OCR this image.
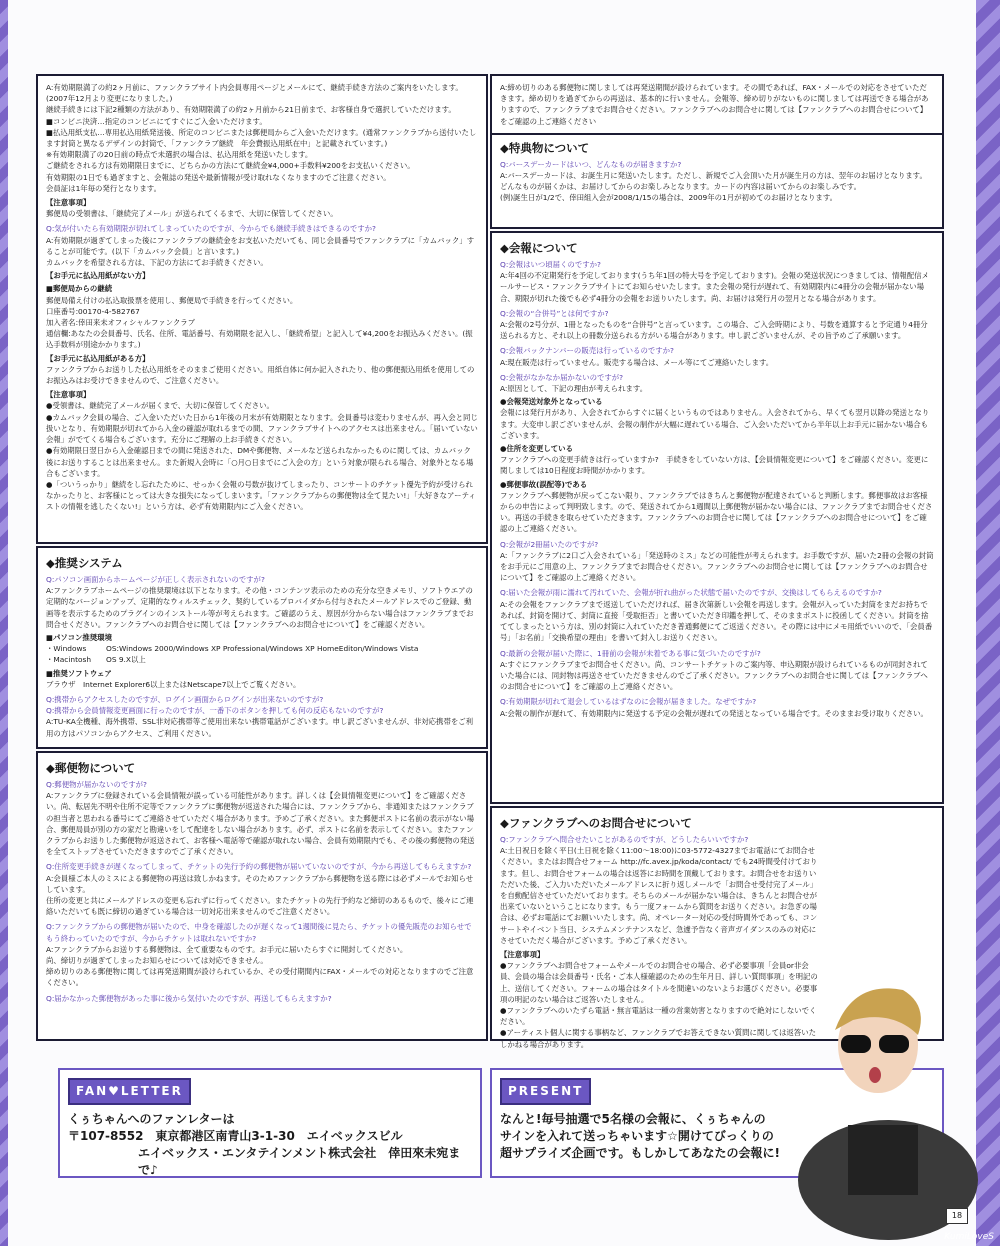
A:有効期限満了の約2ヶ月前に、ファンクラブサイト内会員専用ページとメールにて、継続手続き方法のご案内をいたします。

(2007年12月より変更になりました。)

継続手続きには下記2種類の方法があり、有効期限満了の約2ヶ月前から21日前まで、お客様自身で選択していただけます。

■コンビニ決済…指定のコンビニにてすぐにご入金いただけます。

■払込用紙支払…専用払込用紙発送後、所定のコンビニまたは郵便局からご入金いただけます。(通常ファンクラブから送付いたします封筒と異なるデザインの封筒で、「ファンクラブ継続　年会費振込用紙在中」と記載されています。)

※有効期限満了の20日前の時点で未選択の場合は、払込用紙を発送いたします。

ご継続をされる方は有効期限日までに、どちらかの方法にて継続金¥4,000+手数料¥200をお支払いください。

有効期限の1日でも過ぎますと、会報誌の発送や最新情報が受け取れなくなりますのでご注意ください。

会員証は1年毎の発行となります。

【注意事項】

郵便局の受領書は、「継続完了メール」が送られてくるまで、大切に保管してください。

Q:気が付いたら有効期限が切れてしまっていたのですが、今からでも継続手続きはできるのですか?

A:有効期限が過ぎてしまった後にファンクラブの継続金をお支払いただいても、同じ会員番号でファンクラブに「カムバック」することが可能です。(以下「カムバック会員」と言います。)

カムバックを希望される方は、下記の方法にてお手続きください。

【お手元に払込用紙がない方】

■郵便局からの継続

郵便局備え付けの払込取扱票を使用し、郵便局で手続きを行ってください。

口座番号:00170-4-582767

加入者名:倖田来未オフィシャルファンクラブ

通信欄:あなたの会員番号、氏名、住所、電話番号、有効期限を記入し、「継続希望」と記入して¥4,200をお振込みください。(振込手数料が別途かかります。)

【お手元に払込用紙がある方】

ファンクラブからお送りした払込用紙をそのままご使用ください。用紙自体に何か記入されたり、他の郵便振込用紙を使用してのお振込みはお受けできませんので、ご注意ください。

【注意事項】

●受領書は、継続完了メールが届くまで、大切に保管してください。

●カムバック会員の場合、ご入金いただいた日から1年後の月末が有効期限となります。会員番号は変わりませんが、再入会と同じ扱いとなり、有効期限が切れてから入金の確認が取れるまでの間、ファンクラブサイトへのアクセスは出来ません。「届いていない会報」がでてくる場合もございます。充分にご理解の上お手続きください。

●有効期限日翌日から入金確認日までの間に発送された、DMや郵便物、メールなど送られなかったものに関しては、カムバック後にお送りすることは出来ません。また新規入会時に「○月○日までにご入会の方」という対象が限られる場合、対象外となる場合もございます。

●「ついうっかり」継続をし忘れたために、せっかく会報の号数が抜けてしまったり、コンサートのチケット優先予約が受けられなかったりと、お客様にとっては大きな損失になってしまいます。「ファンクラブからの郵便物は全て見たい!」「大好きなアーティストの情報を逃したくない!」という方は、必ず有効期限内にご入金ください。

◆推奨システム

Q:パソコン画面からホームページが正しく表示されないのですが?

A:ファンクラブホームページの推奨環境は以下となります。その他・コンテンツ表示のための充分な空きメモリ、ソフトウエアの定期的なバージョンアップ、定期的なウィルスチェック、契約しているプロバイダから付与されたメールアドレスでのご登録、動画等を表示するためのプラグインのインストール等が考えられます。ご確認のうえ、原因が分からない場合はファンクラブまでお問合せください。ファンクラブへのお問合せに関しては【ファンクラブへのお問合せについて】をご確認ください。

■パソコン推奨環境

・Windows	OS:Windows 2000/Windows XP Professional/Windows XP HomeEditon/Windows Vista

・Macintosh OS 9.X以上

■推奨ソフトウェア

ブラウザ　Internet Explorer6以上またはNetscape7以上でご覧ください。

Q:携帯からアクセスしたのですが、ログイン画面からログインが出来ないのですが?

Q:携帯から会員情報変更画面に行ったのですが、一番下のボタンを押しても何の反応もないのですが?

A:TU-KA全機種、海外携帯、SSL非対応携帯等ご使用出来ない携帯電話がございます。申し訳ございませんが、非対応携帯をご利用の方はパソコンからアクセス、ご利用ください。

◆郵便物について

Q:郵便物が届かないのですが?

A:ファンクラブに登録されている会員情報が誤っている可能性があります。詳しくは【会員情報変更について】をご確認ください。尚、転居先不明や住所不定等でファンクラブに郵便物が返送された場合には、ファンクラブから、非通知またはファンクラブの担当者と思われる番号にてご連絡させていただく場合があります。予めご了承ください。また郵便ポストに名前の表示がない場合、郵便局員が別の方の家だと勘違いをして配達をしない場合があります。必ず、ポストに名前を表示してください。またファンクラブからお送りした郵便物が返送されて、お客様へ電話等で確認が取れない場合、会員有効期限内でも、その後の郵便物の発送を全てストップさせていただきますのでご了承ください。

Q:住所変更手続きが遅くなってしまって、チケットの先行予約の郵便物が届いていないのですが、今から再送してもらえますか?

A:会員様ご本人のミスによる郵便物の再送は致しかねます。そのためファンクラブから郵便物を送る際には必ずメールでお知らせしています。

住所の変更と共にメールアドレスの変更も忘れずに行ってください。またチケットの先行予約など締切のあるもので、後々にご連絡いただいても既に締切の過ぎている場合は一切対応出来ませんのでご注意ください。

Q:ファンクラブからの郵便物が届いたので、中身を確認したのが遅くなって1週間後に見たら、チケットの優先販売のお知らせでもう終わっていたのですが、今からチケットは取れないですか?

A:ファンクラブからお送りする郵便物は、全て重要なものです。お手元に届いたらすぐに開封してください。

尚、締切りが過ぎてしまったお知らせについては対応できません。

締め切りのある郵便物に関しては再発送期間が設けられているか、その受付期間内にFAX・メールでの対応となりますのでご注意ください。

Q:届かなかった郵便物があった事に後から気付いたのですが、再送してもらえますか?

A:締め切りのある郵便物に関しましては再発送期間が設けられています。その間であれば、FAX・メールでの対応をさせていただきます。締め切りを過ぎてからの再送は、基本的に行いません。会報等、締め切りがないものに関しましては再送できる場合がありますので、ファンクラブまでお問合せください。ファンクラブへのお問合せに関しては【ファンクラブへのお問合せについて】をご確認の上ご連絡ください

◆特典物について

Q:バースデーカードはいつ、どんなものが届きますか?

A:バースデーカードは、お誕生月に発送いたします。ただし、新規でご入会頂いた月が誕生月の方は、翌年のお届けとなります。どんなものが届くかは、お届けしてからのお楽しみとなります。カードの内容は届いてからのお楽しみです。

(例)誕生日が1/2で、倖田組入会が2008/1/15の場合は、2009年の1月が初めてのお届けとなります。

◆会報について

Q:会報はいつ頃届くのですか?

A:年4回の不定期発行を予定しております(うち年1回の特大号を予定しております)。会報の発送状況につきましては、情報配信メールサービス・ファンクラブサイトにてお知らせいたします。また会報の発行が遅れて、有効期限内に4冊分の会報が届かない場合、期限が切れた後でも必ず4冊分の会報をお送りいたします。尚、お届けは発行月の翌月となる場合があります。

Q:会報の“合併号”とは何ですか?

A:会報の2号分が、1冊となったものを“合併号”と言っています。この場合、ご入会時期により、号数を通算すると予定通り4冊分送られる方と、それ以上の冊数分送られる方がいる場合があります。申し訳ございませんが、その旨予めご了承願います。

Q:会報バックナンバーの販売は行っているのですか?

A:現在販売は行っていません。販売する場合は、メール等にてご連絡いたします。

Q:会報がなかなか届かないのですが?

A:原因として、下記の理由が考えられます。

●会報発送対象外となっている

会報には発行月があり、入会されてからすぐに届くというものではありません。入会されてから、早くても翌月以降の発送となります。大変申し訳ございませんが、会報の制作が大幅に遅れている場合、ご入会いただいてから半年以上お手元に届かない場合もございます。

●住所を変更している

ファンクラブへの変更手続きは行っていますか?　手続きをしていない方は、【会員情報変更について】をご確認ください。変更に関しましては10日程度お時間がかかります。

●郵便事故(誤配等)である

ファンクラブへ郵便物が戻ってこない限り、ファンクラブではきちんと郵便物が配達されていると判断します。郵便事故はお客様からの申告によって判明致します。ので、発送されてから1週間以上郵便物が届かない場合には、ファンクラブまでお問合せください。再送の手続きを取らせていただきます。ファンクラブへのお問合せに関しては【ファンクラブへのお問合せについて】をご確認の上ご連絡ください。

Q:会報が2冊届いたのですが?

A:「ファンクラブに2口ご入会されている」「発送時のミス」などの可能性が考えられます。お手数ですが、届いた2冊の会報の封筒をお手元にご用意の上、ファンクラブまでお問合せください。ファンクラブへのお問合せに関しては【ファンクラブへのお問合せについて】をご確認の上ご連絡ください。

Q:届いた会報が雨に濡れて汚れていた、会報が折れ曲がった状態で届いたのですが、交換はしてもらえるのですか?

A:その会報をファンクラブまで返送していただければ、届き次第新しい会報を再送します。会報が入っていた封筒をまだお持ちであれば、封筒を開けて、封筒に直接「受取拒否」と書いていただき印鑑を押して、そのままポストに投函してください。封筒を捨ててしまったという方は、別の封筒に入れていただき普通郵便にてご返送ください。その際には中にメモ用紙でいいので、「会員番号」「お名前」「交換希望の理由」を書いて封入しお送りください。

Q:最新の会報が届いた際に、1冊前の会報が未着である事に気づいたのですが?

A:すぐにファンクラブまでお問合せください。尚、コンサートチケットのご案内等、申込期限が設けられているものが同封されていた場合には、同封物は再送させていただきませんのでご了承ください。ファンクラブへのお問合せに関しては【ファンクラブへのお問合せについて】をご確認の上ご連絡ください。

Q:有効期限が切れて退会しているはずなのに会報が届きました。なぜですか?

A:会報の制作が遅れて、有効期限内に発送する予定の会報が遅れての発送となっている場合です。そのままお受け取りください。

◆ファンクラブへのお問合せについて

Q:ファンクラブへ問合せたいことがあるのですが、どうしたらいいですか?

A:土日祝日を除く平日(土日祝を除く11:00〜18:00)に03-5772-4327までお電話にてお問合せください。またはお問合せフォーム http://fc.avex.jp/koda/contact/ でも24時間受付けております。但し、お問合せフォームの場合は返答にお時間を頂戴しております。お問合せをお送りいただいた後、ご入力いただいたメールアドレスに折り返しメールで「お問合せ受付完了メール」を自動配信させていただいております。そちらのメールが届かない場合は、きちんとお問合せが出来ていないということになります。もう一度フォームから質問をお送りください。お急ぎの場合は、必ずお電話にてお願いいたします。尚、オペレーター対応の受付時間外であっても、コンサートやイベント当日、システムメンテナンスなど、急遽予告なく音声ガイダンスのみの対応にさせていただく場合がございます。予めご了承ください。

【注意事項】

●ファンクラブへお問合せフォームやメールでのお問合せの場合、必ず必要事項「会員or非会員、会員の場合は会員番号・氏名・ご本人様確認のための生年月日、詳しい質問事項」を明記の上、送信してください。フォームの場合はタイトルを間違いのないようお選びください。必要事項の明記のない場合はご返答いたしません。

●ファンクラブへのいたずら電話・無言電話は一種の営業妨害となりますので絶対にしないでください。

●アーティスト個人に関する事柄など、ファンクラブでお答えできない質問に関しては返答いたしかねる場合があります。

FAN♥LETTER

くぅちゃんへのファンレターは

〒107-8552　東京都港区南青山3-1-30　エイベックスビル

エイベックス・エンタテインメント株式会社　倖田來未宛まで♪

PRESENT

なんと!毎号抽選で5名様の会報に、くぅちゃんの

サインを入れて送っちゃいます☆開けてびっくりの

超サプライズ企画です。もしかしてあなたの会報に!

18
KumiLoveS
